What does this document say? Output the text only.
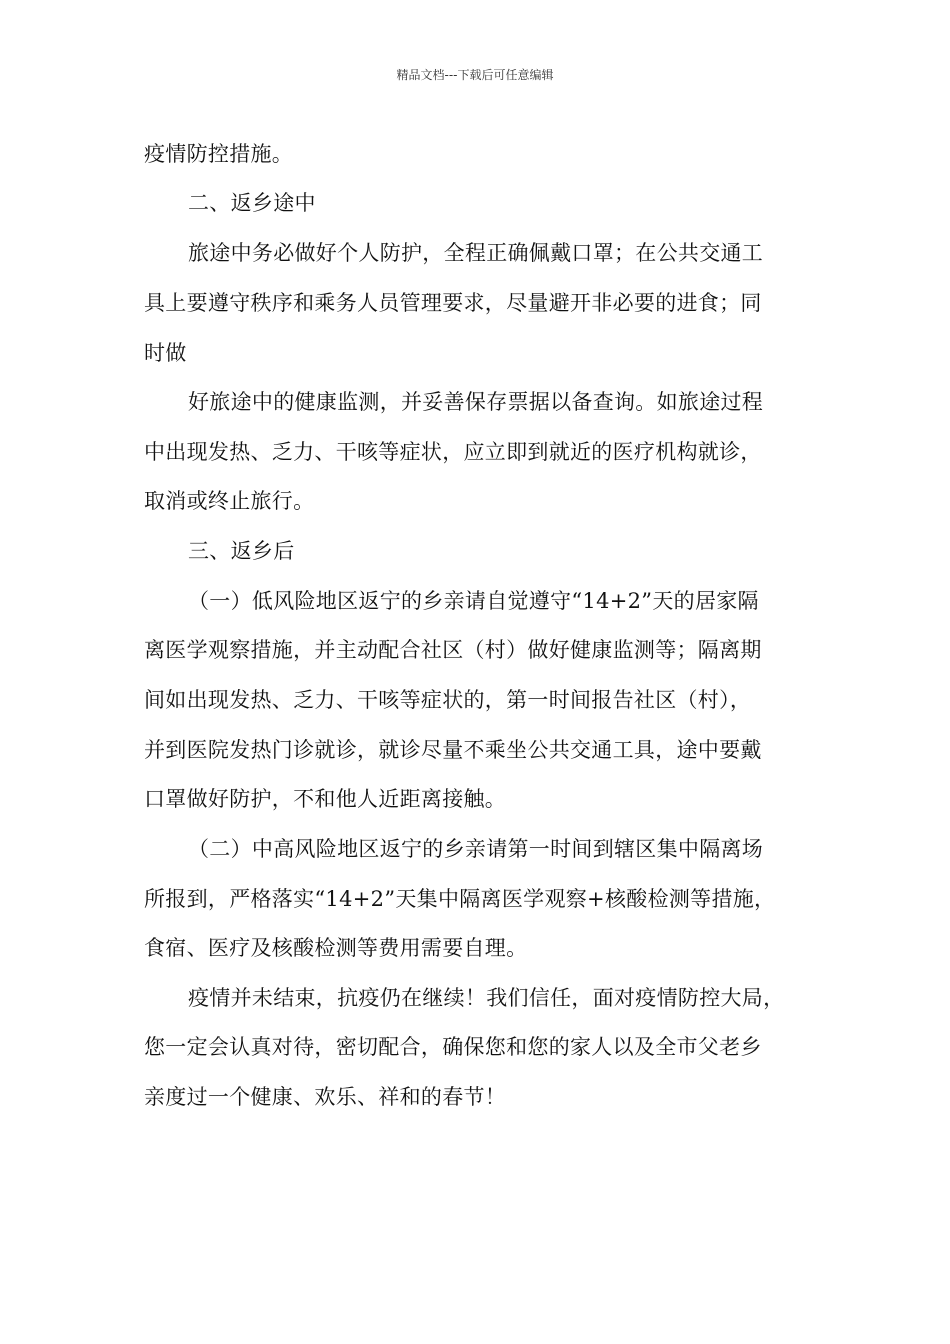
精品文档---下载后可任意编辑
疫情防控措施。
二、返乡途中
旅途中务必做好个人防护，全程正确佩戴口罩；在公共交通工
具上要遵守秩序和乘务人员管理要求，尽量避开非必要的进食；同
时做
好旅途中的健康监测，并妥善保存票据以备查询。如旅途过程
中出现发热、乏力、干咳等症状，应立即到就近的医疗机构就诊，
取消或终止旅行。
三、返乡后
（一）低风险地区返宁的乡亲请自觉遵守“14+2”天的居家隔
离医学观察措施，并主动配合社区（村）做好健康监测等；隔离期
间如出现发热、乏力、干咳等症状的，第一时间报告社区（村），
并到医院发热门诊就诊，就诊尽量不乘坐公共交通工具，途中要戴
口罩做好防护，不和他人近距离接触。
（二）中高风险地区返宁的乡亲请第一时间到辖区集中隔离场
所报到，严格落实“14+2”天集中隔离医学观察+核酸检测等措施，
食宿、医疗及核酸检测等费用需要自理。
疫情并未结束，抗疫仍在继续！我们信任，面对疫情防控大局，
您一定会认真对待，密切配合，确保您和您的家人以及全市父老乡
亲度过一个健康、欢乐、祥和的春节！
